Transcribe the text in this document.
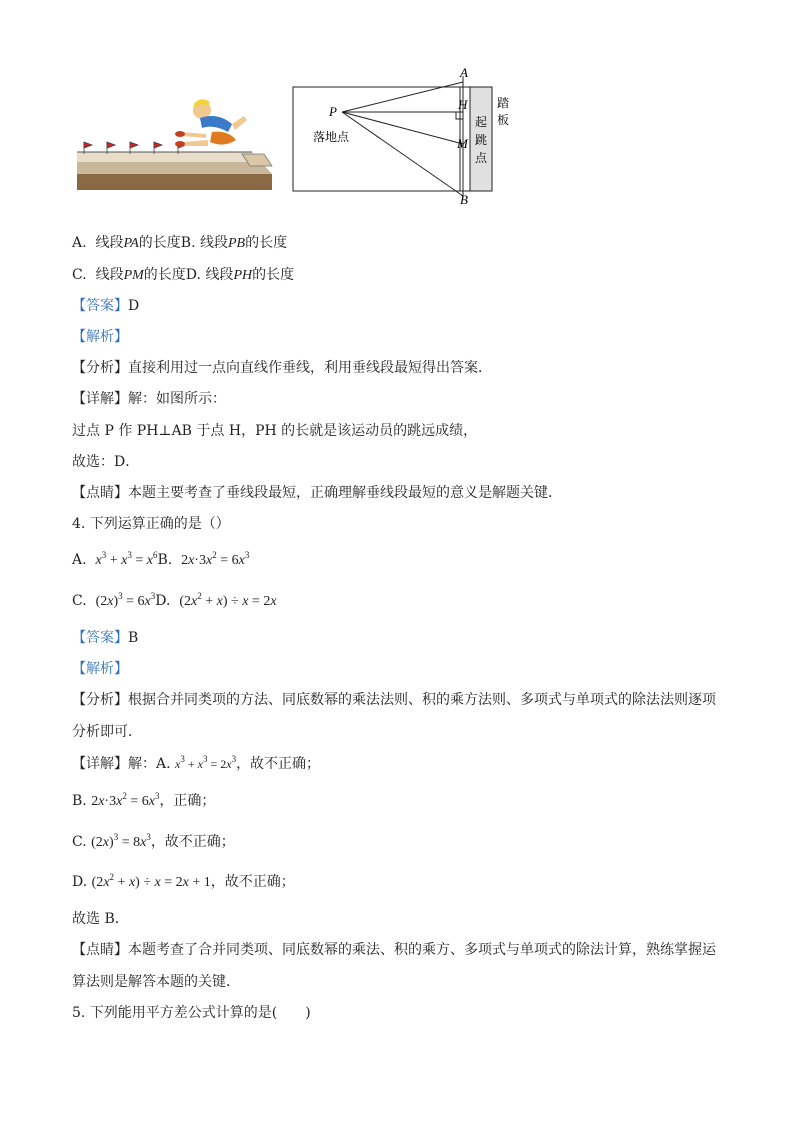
A
B
P	H
M
落地点
起
跳
点
踏
板
A.  线段PA的长度B. 线段PB的长度
C.  线段PM的长度D. 线段PH的长度
【答案】D
【解析】
【分析】直接利用过一点向直线作垂线，利用垂线段最短得出答案．
【详解】解：如图所示：
过点 P 作 PH⊥AB 于点 H，PH 的长就是该运动员的跳远成绩，
故选：D．
【点睛】本题主要考查了垂线段最短，正确理解垂线段最短的意义是解题关键．
4. 下列运算正确的是（）
A.  $x^3 + x^3 = x^6B$.  $2x\cdot 3x^2 = 6x^3$
C.  $(2x)^3 = 6x^3D$.  $(2x^2 + x) \div x = 2x$
【答案】B
【解析】
【分析】根据合并同类项的方法、同底数幂的乘法法则、积的乘方法则、多项式与单项式的除法法则逐项
分析即可．
【详解】解：A. $x^3 + x^3 = 2x^3$，故不正确；
B. $2x\cdot 3x^2 = 6x^3$，正确；
C. $(2x)^3 = 8x^3$，故不正确；
D. $(2x^2 + x) \div x = 2x + 1$，故不正确；
故选 B．
【点睛】本题考查了合并同类项、同底数幂的乘法、积的乘方、多项式与单项式的除法计算，熟练掌握运
算法则是解答本题的关键．
5. 下列能用平方差公式计算的是(　　)
